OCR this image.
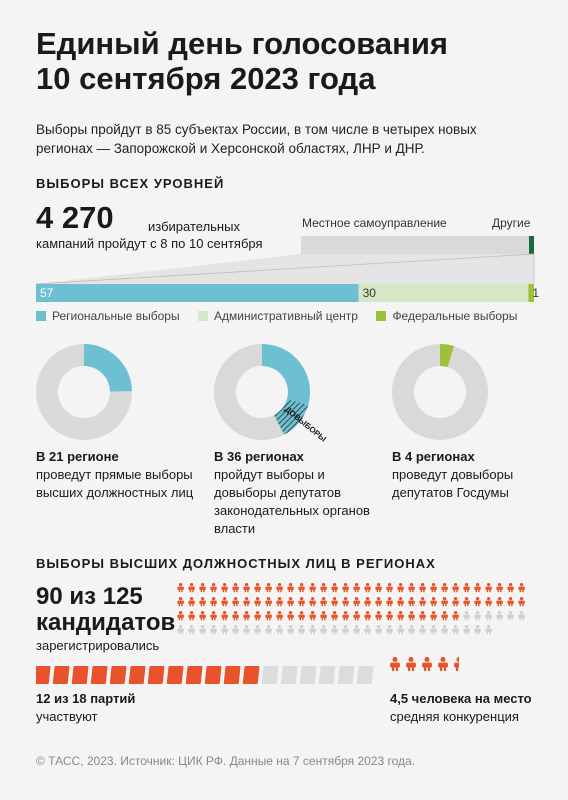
Единый день голосования
10 сентября 2023 года
Выборы пройдут в 85 субъектах России, в том числе в четырех новых регионах — Запорожской и Херсонской областях, ЛНР и ДНР.
ВЫБОРЫ ВСЕХ УРОВНЕЙ
4 270	избирательных
кампаний пройдут с 8 по 10 сентября
Местное самоуправление	Другие
57	30	1
Региональные выборы
	Административный центр
	Федеральные выборы
ДОВЫБОРЫ
В 21 регионе
проведут прямые выборы высших должностных лиц
В 36 регионах
пройдут выборы и довыборы депутатов законодательных органов власти
В 4 регионах
проведут довыборы депутатов Госдумы
ВЫБОРЫ ВЫСШИХ ДОЛЖНОСТНЫХ ЛИЦ В РЕГИОНАХ
90 из 125
кандидатов
зарегистрировались
12 из 18 партий
участвуют
4,5 человека на место
средняя конкуренция
© ТАСС, 2023. Источник: ЦИК РФ. Данные на 7 сентября 2023 года.
